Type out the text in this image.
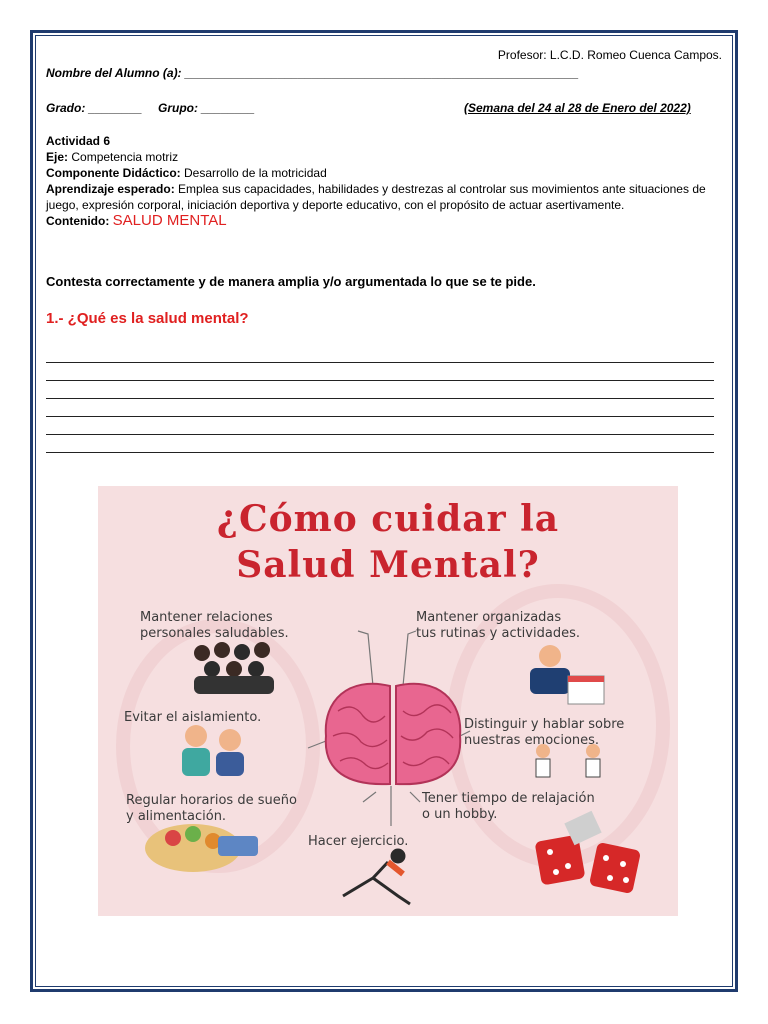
Profesor: L.C.D. Romeo Cuenca Campos.
Nombre del Alumno (a): ___________________________________________________________
Grado: ________ Grupo: ________	(Semana del 24 al 28 de Enero del 2022)
Actividad 6
Eje: Competencia motriz
Componente Didáctico: Desarrollo de la motricidad
Aprendizaje esperado: Emplea sus capacidades, habilidades y destrezas al controlar sus movimientos ante situaciones de juego, expresión corporal, iniciación deportiva y deporte educativo, con el propósito de actuar asertivamente.
Contenido: SALUD MENTAL
Contesta correctamente y de manera amplia y/o argumentada lo que se te pide.
1.- ¿Qué es la salud mental?
¿Cómo cuidar la
Salud Mental?
Mantener relaciones
personales saludables.
Mantener organizadas
tus rutinas y actividades.
Evitar el aislamiento.	Distinguir y hablar sobre
nuestras emociones.
Regular horarios de sueño
y alimentación.
Tener tiempo de relajación
o un hobby.
Hacer ejercicio.
